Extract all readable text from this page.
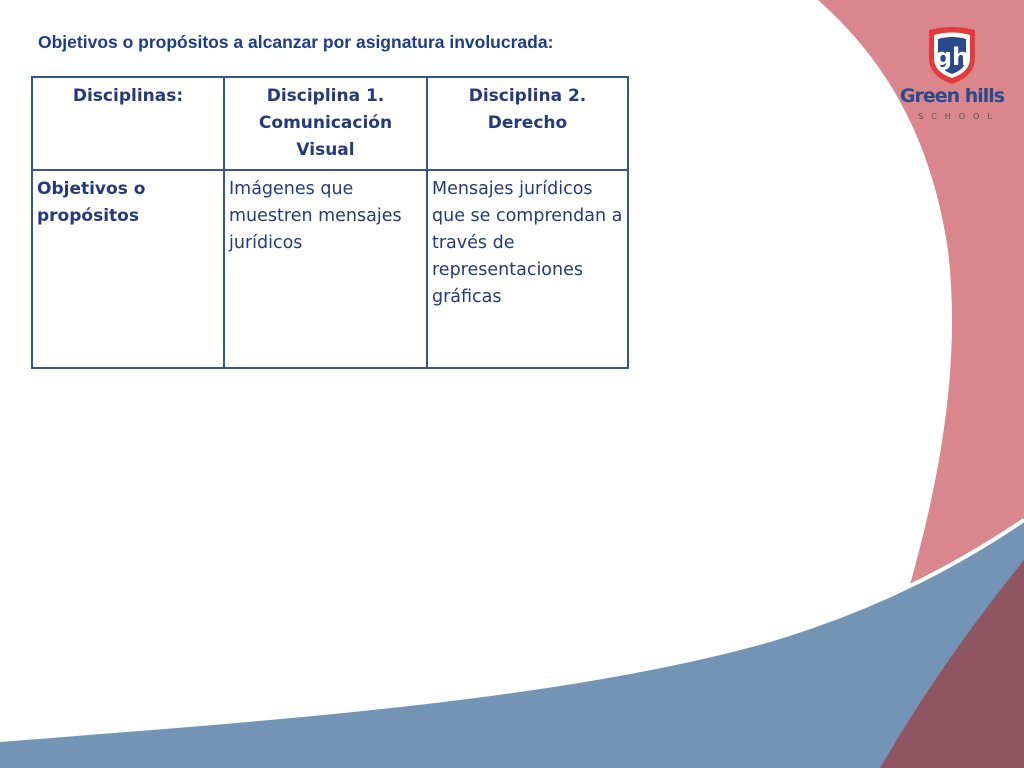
Objetivos o propósitos a alcanzar por asignatura involucrada:
Disciplinas:	Disciplina 1. Comunicación Visual	Disciplina 2. Derecho
Objetivos o propósitos	Imágenes que muestren mensajes jurídicos	Mensajes jurídicos que se comprendan a través de representaciones gráficas
gh
Green hills
SCHOOL
